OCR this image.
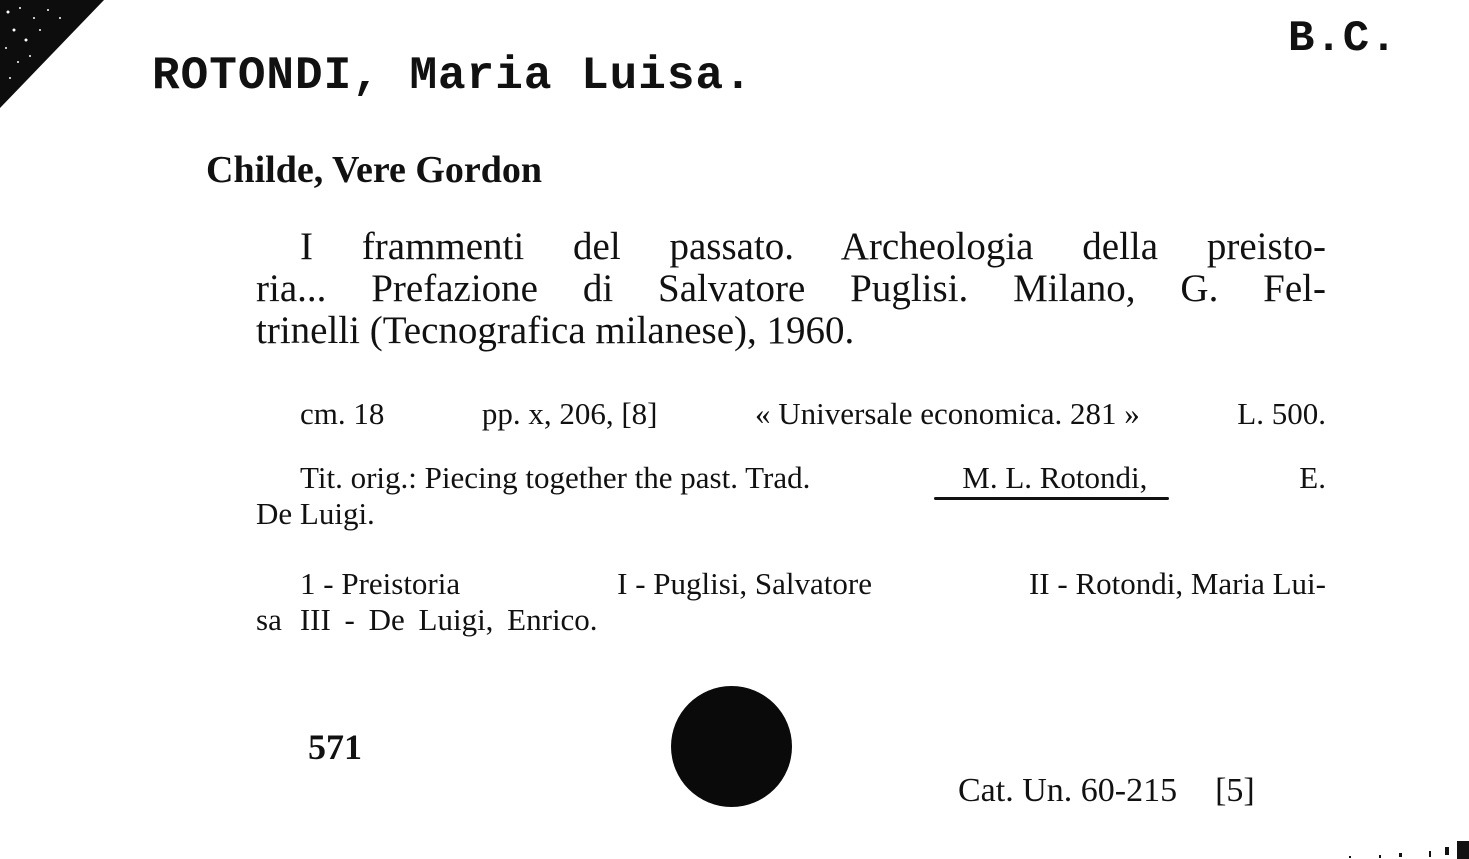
ROTONDI, Maria Luisa.
B.C.
Childe, Vere Gordon
I frammenti del passato. Archeologia della preisto-
ria... Prefazione di Salvatore Puglisi. Milano, G. Fel-
trinelli (Tecnografica milanese), 1960.
cm. 18	pp. x, 206, [8]	« Universale economica. 281 »	L. 500.
Tit. orig.: Piecing together the past. Trad.	M. L. Rotondi,	E.
De Luigi.
1 - Preistoria	I - Puglisi, Salvatore	II - Rotondi, Maria Lui-
sa III - De Luigi, Enrico.
571
Cat. Un. 60-215 [5]
